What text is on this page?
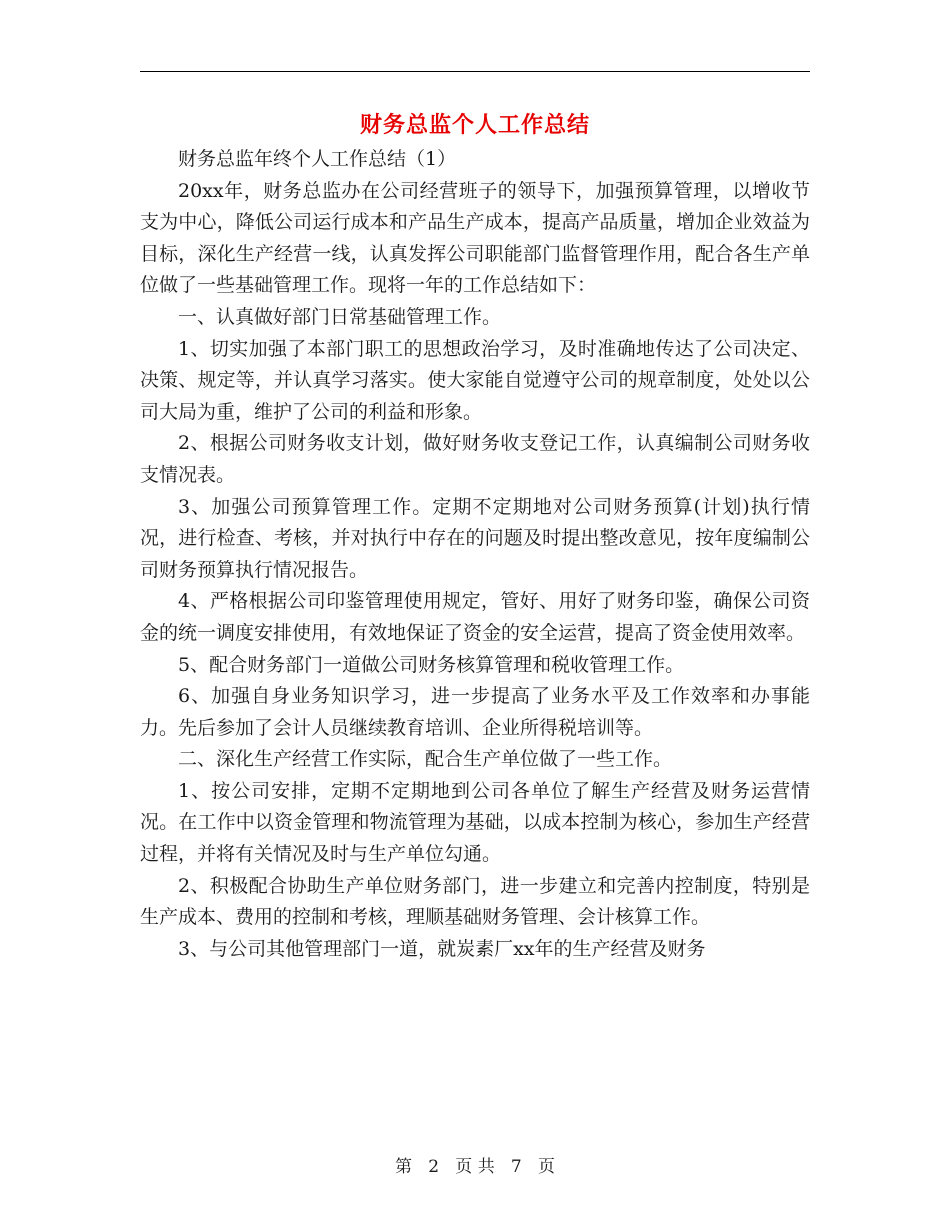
财务总监个人工作总结

财务总监年终个人工作总结（1）

20xx年，财务总监办在公司经营班子的领导下，加强预算管理，以增收节支为中心，降低公司运行成本和产品生产成本，提高产品质量，增加企业效益为目标，深化生产经营一线，认真发挥公司职能部门监督管理作用，配合各生产单位做了一些基础管理工作。现将一年的工作总结如下：

一、认真做好部门日常基础管理工作。

1、切实加强了本部门职工的思想政治学习，及时准确地传达了公司决定、决策、规定等，并认真学习落实。使大家能自觉遵守公司的规章制度，处处以公司大局为重，维护了公司的利益和形象。

2、根据公司财务收支计划，做好财务收支登记工作，认真编制公司财务收支情况表。

3、加强公司预算管理工作。定期不定期地对公司财务预算(计划)执行情况，进行检查、考核，并对执行中存在的问题及时提出整改意见，按年度编制公司财务预算执行情况报告。

4、严格根据公司印鉴管理使用规定，管好、用好了财务印鉴，确保公司资金的统一调度安排使用，有效地保证了资金的安全运营，提高了资金使用效率。

5、配合财务部门一道做公司财务核算管理和税收管理工作。

6、加强自身业务知识学习，进一步提高了业务水平及工作效率和办事能力。先后参加了会计人员继续教育培训、企业所得税培训等。

二、深化生产经营工作实际，配合生产单位做了一些工作。

1、按公司安排，定期不定期地到公司各单位了解生产经营及财务运营情况。在工作中以资金管理和物流管理为基础，以成本控制为核心，参加生产经营过程，并将有关情况及时与生产单位勾通。

2、积极配合协助生产单位财务部门，进一步建立和完善内控制度，特别是生产成本、费用的控制和考核，理顺基础财务管理、会计核算工作。

3、与公司其他管理部门一道，就炭素厂xx年的生产经营及财务

第 2 页 共 7 页
